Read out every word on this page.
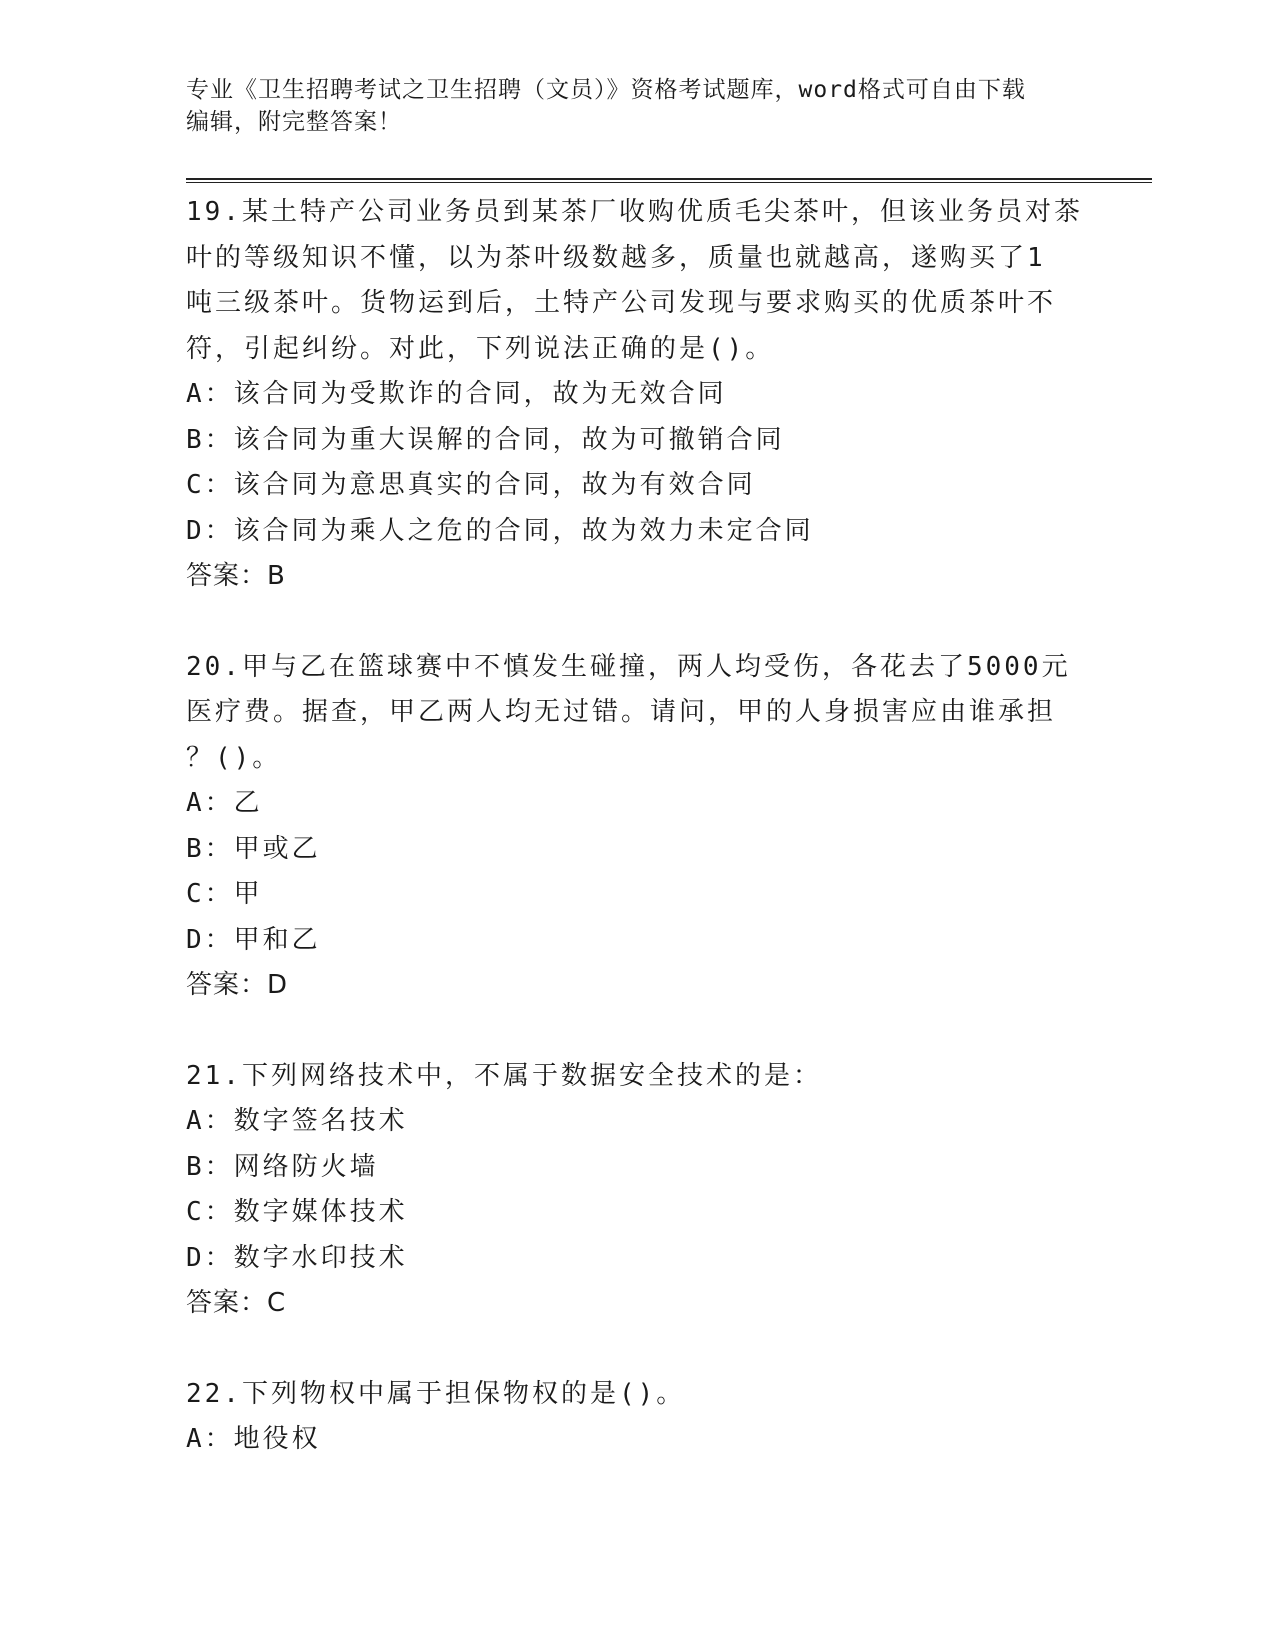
专业《卫生招聘考试之卫生招聘（文员）》资格考试题库，word格式可自由下载
编辑，附完整答案！

19.某土特产公司业务员到某茶厂收购优质毛尖茶叶，但该业务员对茶

叶的等级知识不懂，以为茶叶级数越多，质量也就越高，遂购买了1

吨三级茶叶。货物运到后，土特产公司发现与要求购买的优质茶叶不

符，引起纠纷。对此，下列说法正确的是()。

A：该合同为受欺诈的合同，故为无效合同

B：该合同为重大误解的合同，故为可撤销合同

C：该合同为意思真实的合同，故为有效合同

D：该合同为乘人之危的合同，故为效力未定合同

答案：B

20.甲与乙在篮球赛中不慎发生碰撞，两人均受伤，各花去了5000元

医疗费。据查，甲乙两人均无过错。请问，甲的人身损害应由谁承担

？()。

A：乙

B：甲或乙

C：甲

D：甲和乙

答案：D

21.下列网络技术中，不属于数据安全技术的是：

A：数字签名技术

B：网络防火墙

C：数字媒体技术

D：数字水印技术

答案：C

22.下列物权中属于担保物权的是()。

A：地役权
